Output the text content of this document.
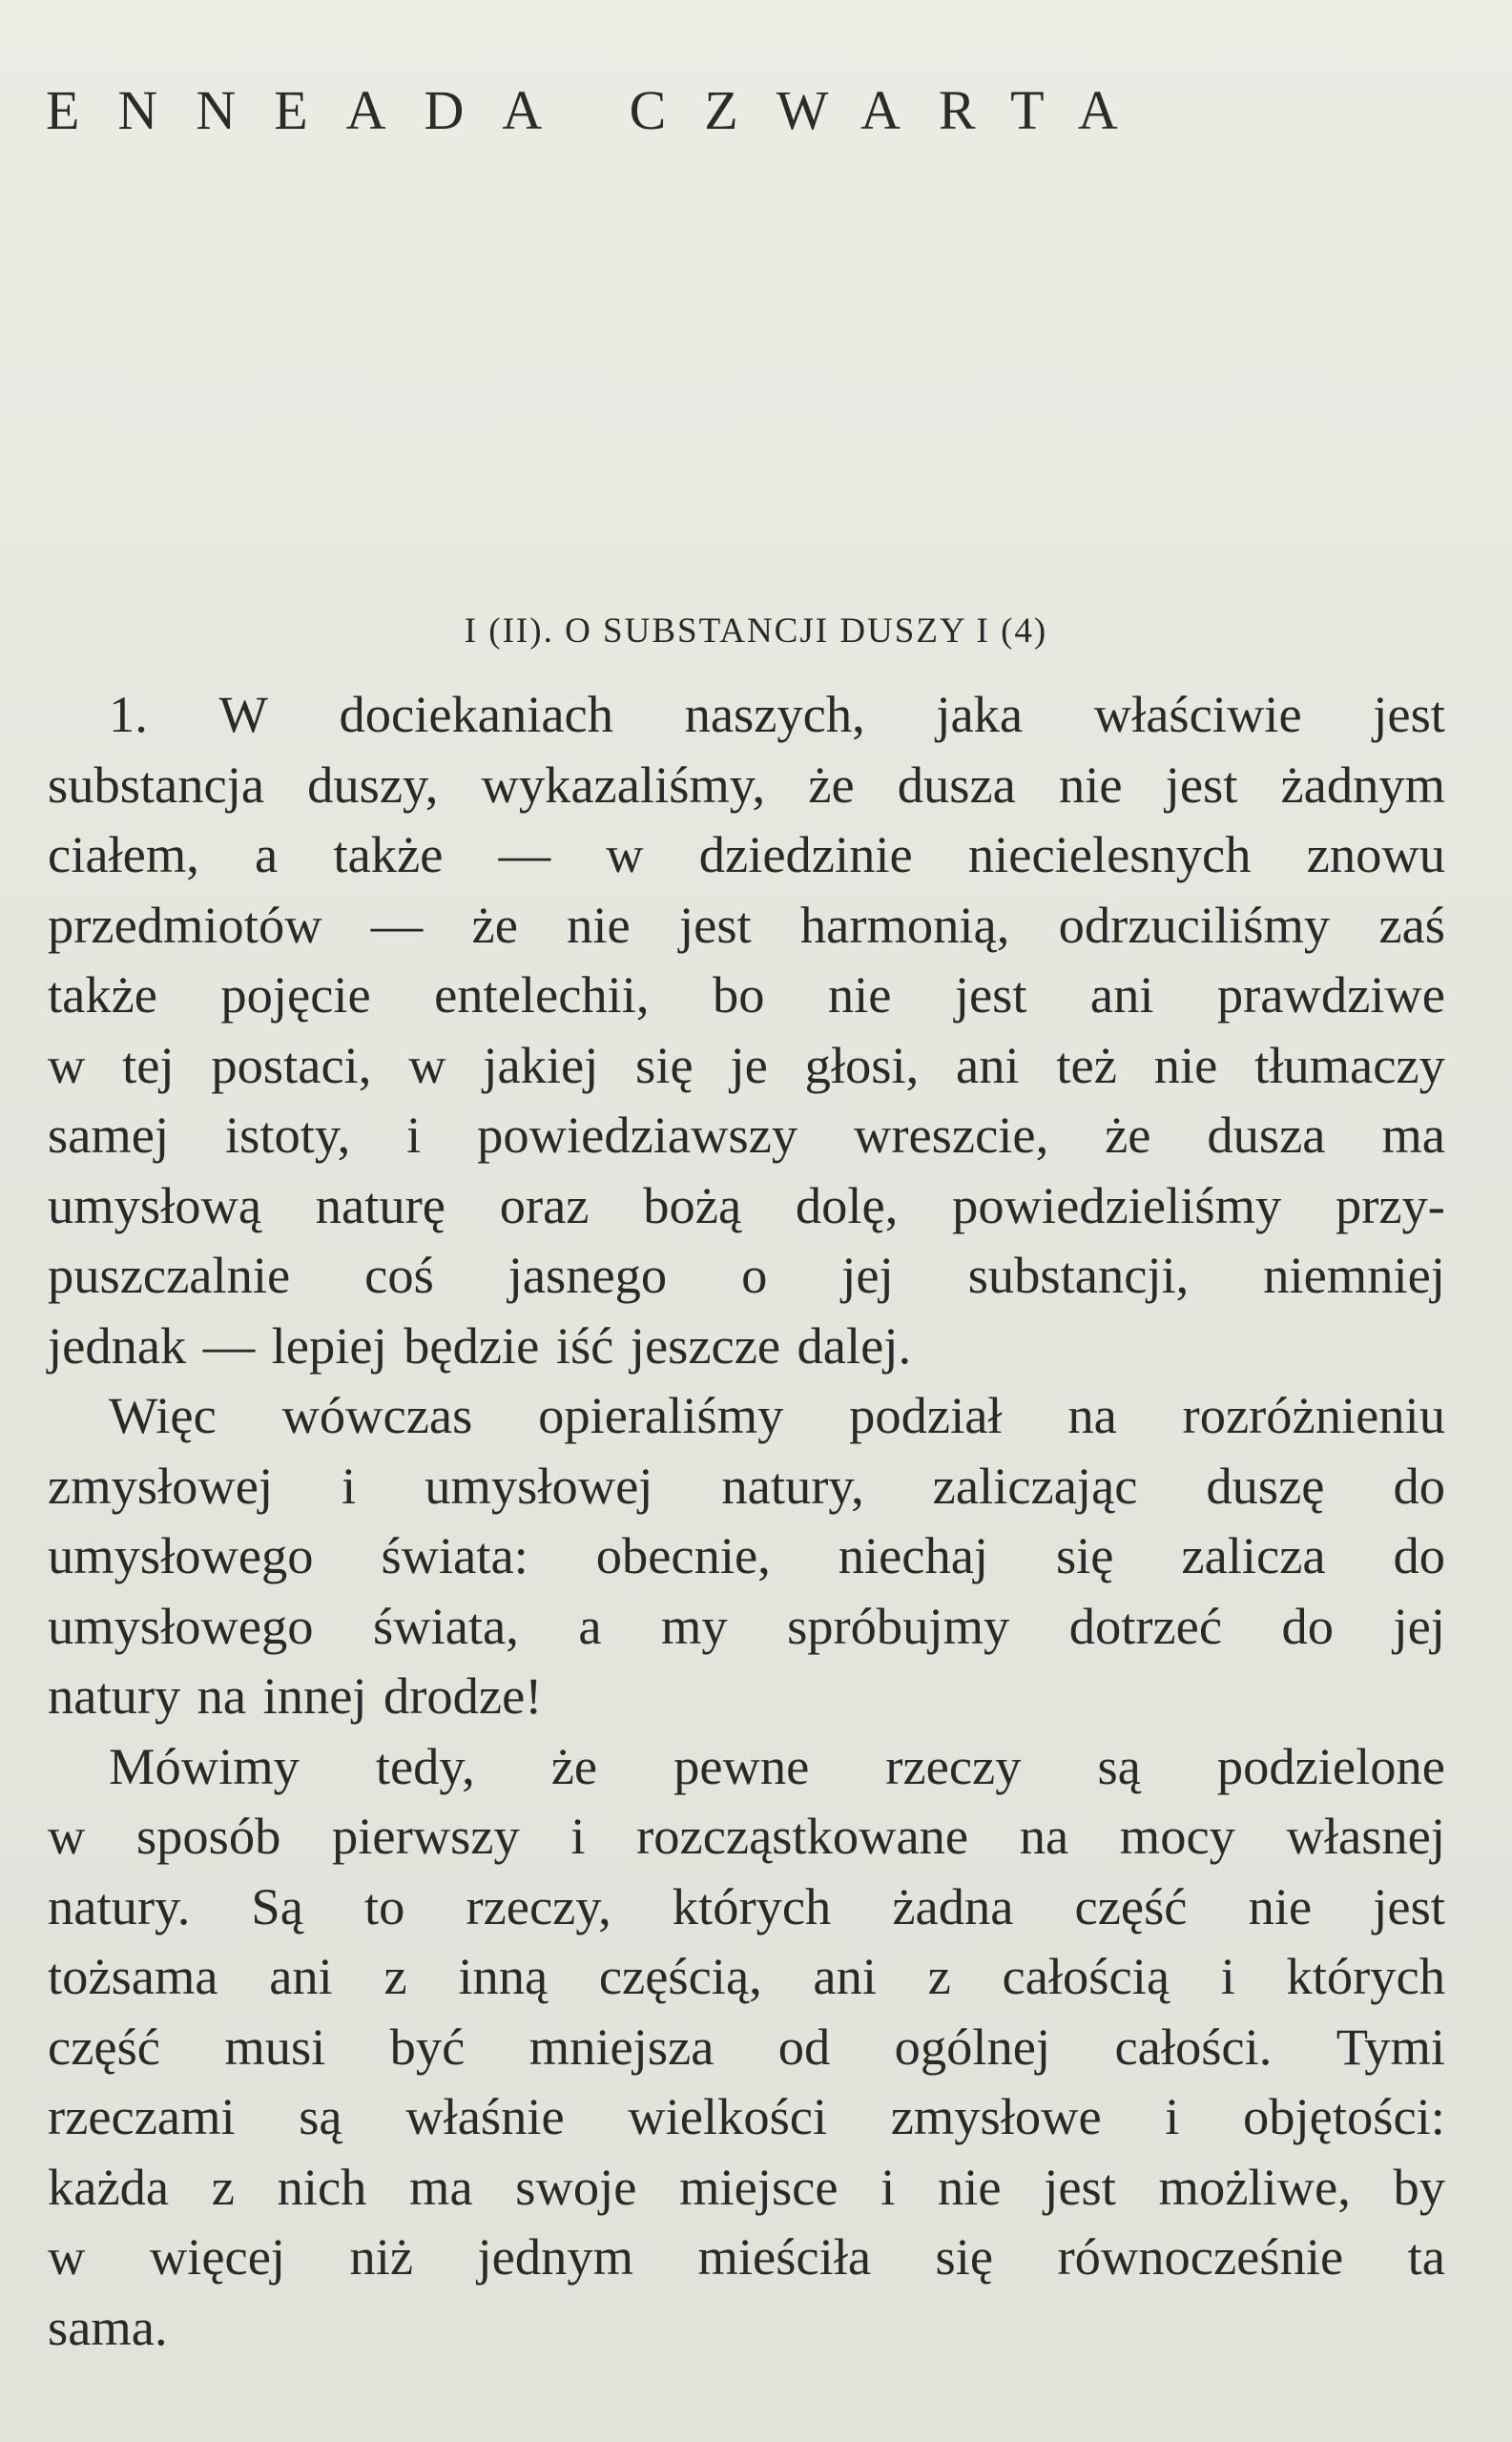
ENNEADA CZWARTA
I (II). O SUBSTANCJI DUSZY I (4)
1. W dociekaniach naszych, jaka właściwie jest
substancja duszy, wykazaliśmy, że dusza nie jest żadnym
ciałem, a także — w dziedzinie niecielesnych znowu
przedmiotów — że nie jest harmonią, odrzuciliśmy zaś
także pojęcie entelechii, bo nie jest ani prawdziwe
w tej postaci, w jakiej się je głosi, ani też nie tłumaczy
samej istoty, i powiedziawszy wreszcie, że dusza ma
umysłową naturę oraz bożą dolę, powiedzieliśmy przy-
puszczalnie coś jasnego o jej substancji, niemniej
jednak — lepiej będzie iść jeszcze dalej.
Więc wówczas opieraliśmy podział na rozróżnieniu
zmysłowej i umysłowej natury, zaliczając duszę do
umysłowego świata: obecnie, niechaj się zalicza do
umysłowego świata, a my spróbujmy dotrzeć do jej
natury na innej drodze!
Mówimy tedy, że pewne rzeczy są podzielone
w sposób pierwszy i rozcząstkowane na mocy własnej
natury. Są to rzeczy, których żadna część nie jest
tożsama ani z inną częścią, ani z całością i których
część musi być mniejsza od ogólnej całości. Tymi
rzeczami są właśnie wielkości zmysłowe i objętości:
każda z nich ma swoje miejsce i nie jest możliwe, by
w więcej niż jednym mieściła się równocześnie ta
sama.
